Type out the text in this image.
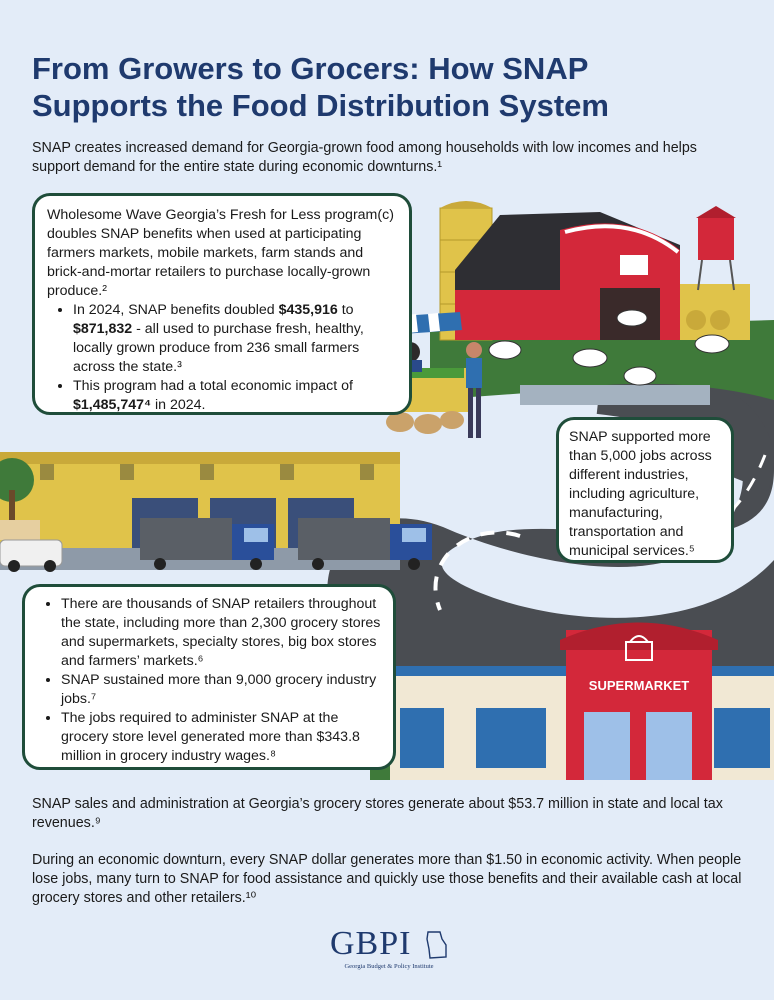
SUPERMARKET
From Growers to Grocers: How SNAP Supports the Food Distribution System
SNAP creates increased demand for Georgia-grown food among households with low incomes and helps support demand for the entire state during economic downturns.¹
Wholesome Wave Georgia’s Fresh for Less program(c) doubles SNAP benefits when used at participating farmers markets, mobile markets, farm stands and brick-and-mortar retailers to purchase locally-grown produce.²
• In 2024, SNAP benefits doubled $435,916 to $871,832 - all used to purchase fresh, healthy, locally grown produce from 236 small farmers across the state.³
• This program had a total economic impact of $1,485,747⁴ in 2024.
SNAP supported more than 5,000 jobs across different industries, including agriculture, manufacturing, transportation and municipal services.⁵
• There are thousands of SNAP retailers throughout the state, including more than 2,300 grocery stores and supermarkets, specialty stores, big box stores and farmers’ markets.⁶
• SNAP sustained more than 9,000 grocery industry jobs.⁷
• The jobs required to administer SNAP at the grocery store level generated more than $343.8 million in grocery industry wages.⁸
SNAP sales and administration at Georgia’s grocery stores generate about $53.7 million in state and local tax revenues.⁹
During an economic downturn, every SNAP dollar generates more than $1.50 in economic activity. When people lose jobs, many turn to SNAP for food assistance and quickly use those benefits and their available cash at local grocery stores and other retailers.¹⁰
GBPI
Georgia Budget & Policy Institute
